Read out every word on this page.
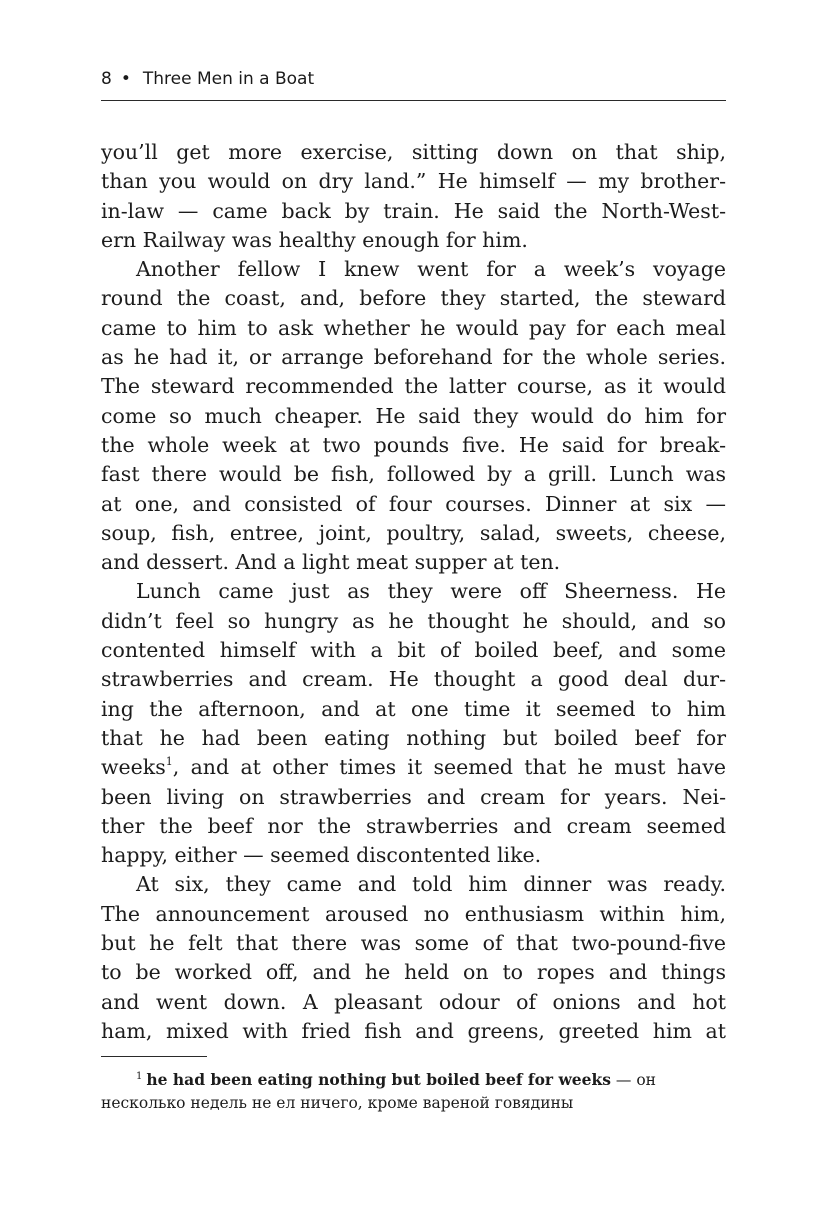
8 • Three Men in a Boat
you’ll get more exercise, sitting down on that ship,
than you would on dry land.” He himself — my brother-
in-law — came back by train. He said the North-West-
ern Railway was healthy enough for him.
Another fellow I knew went for a week’s voyage
round the coast, and, before they started, the steward
came to him to ask whether he would pay for each meal
as he had it, or arrange beforehand for the whole series.
The steward recommended the latter course, as it would
come so much cheaper. He said they would do him for
the whole week at two pounds five. He said for break-
fast there would be fish, followed by a grill. Lunch was
at one, and consisted of four courses. Dinner at six —
soup, fish, entree, joint, poultry, salad, sweets, cheese,
and dessert. And a light meat supper at ten.
Lunch came just as they were off Sheerness. He
didn’t feel so hungry as he thought he should, and so
contented himself with a bit of boiled beef, and some
strawberries and cream. He thought a good deal dur-
ing the afternoon, and at one time it seemed to him
that he had been eating nothing but boiled beef for
weeks$^1$, and at other times it seemed that he must have
been living on strawberries and cream for years. Nei-
ther the beef nor the strawberries and cream seemed
happy, either — seemed discontented like.
At six, they came and told him dinner was ready.
The announcement aroused no enthusiasm within him,
but he felt that there was some of that two-pound-five
to be worked off, and he held on to ropes and things
and went down. A pleasant odour of onions and hot
ham, mixed with fried fish and greens, greeted him at
$^1$ he had been eating nothing but boiled beef for weeks — он
несколько недель не ел ничего, кроме вареной говядины
